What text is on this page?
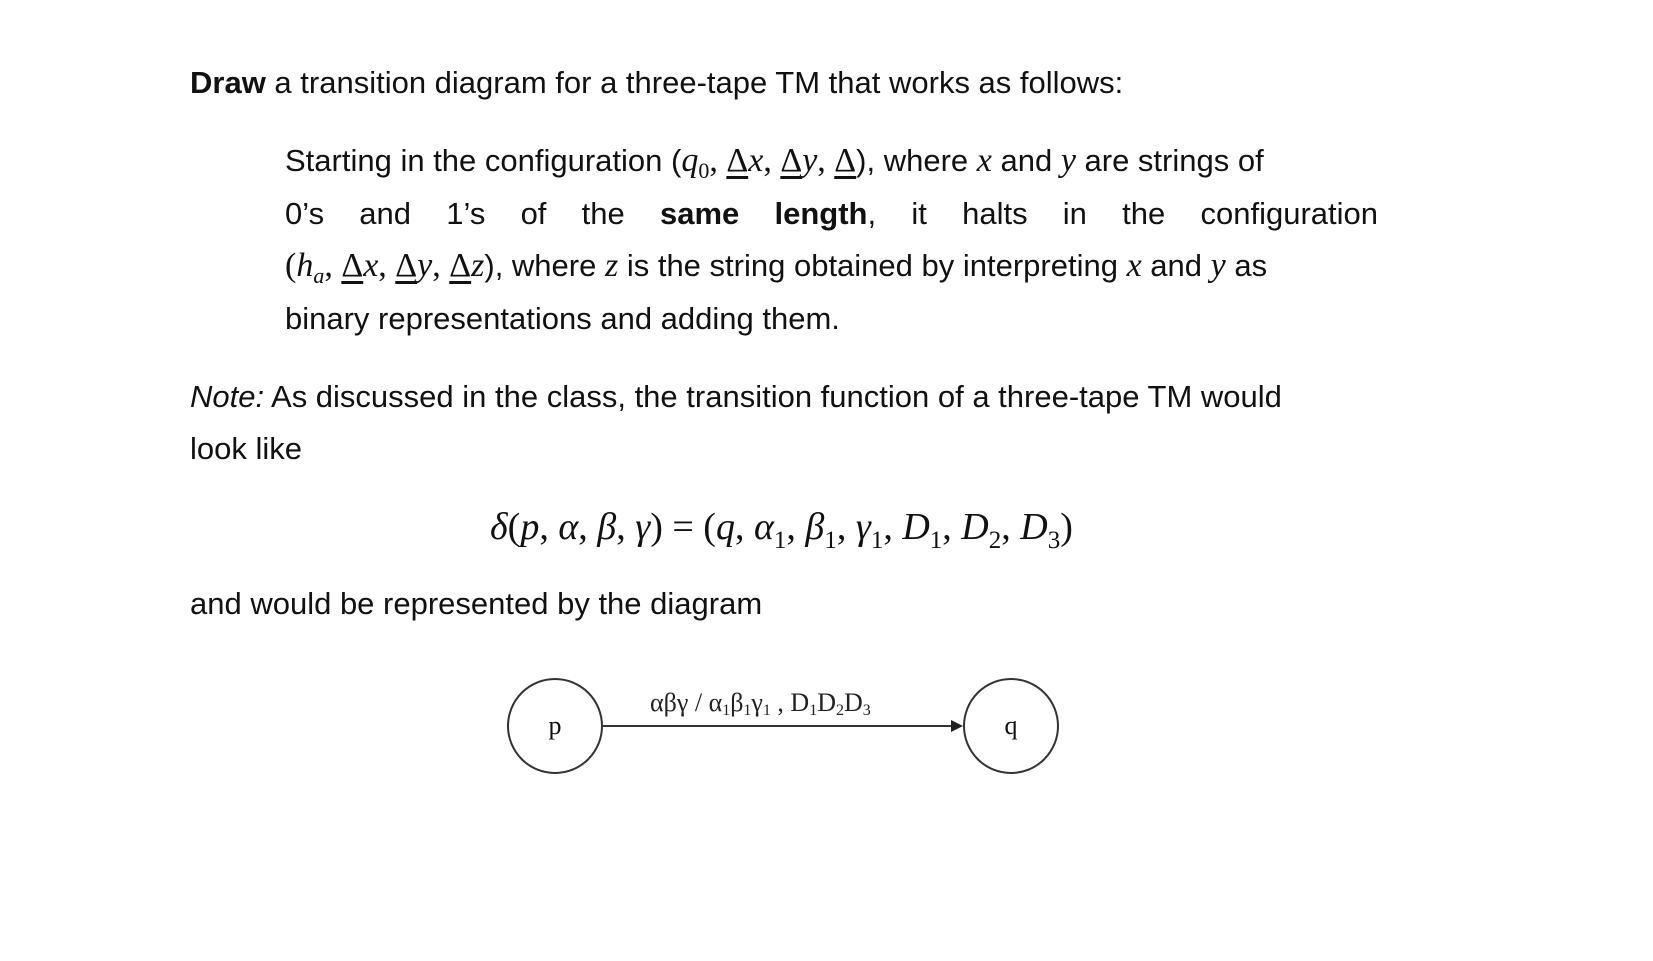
Draw a transition diagram for a three-tape TM that works as follows:
Starting in the configuration ($q_0$, Δx, Δy, Δ), where x and y are strings of
0’s and 1’s of the same length, it halts in the configuration
($h_a$, Δx, Δy, Δz), where z is the string obtained by interpreting x and y as
binary representations and adding them.
Note: As discussed in the class, the transition function of a three-tape TM would
look like
δ(p, α, β, γ) = (q, $\alpha_1$, $\beta_1$, $\gamma_1$, $D_1$, $D_2$, $D_3$)
and would be represented by the diagram
p	q
αβγ / $\alpha_1\beta_1\gamma_1$ , $D_1D_2D_3$
